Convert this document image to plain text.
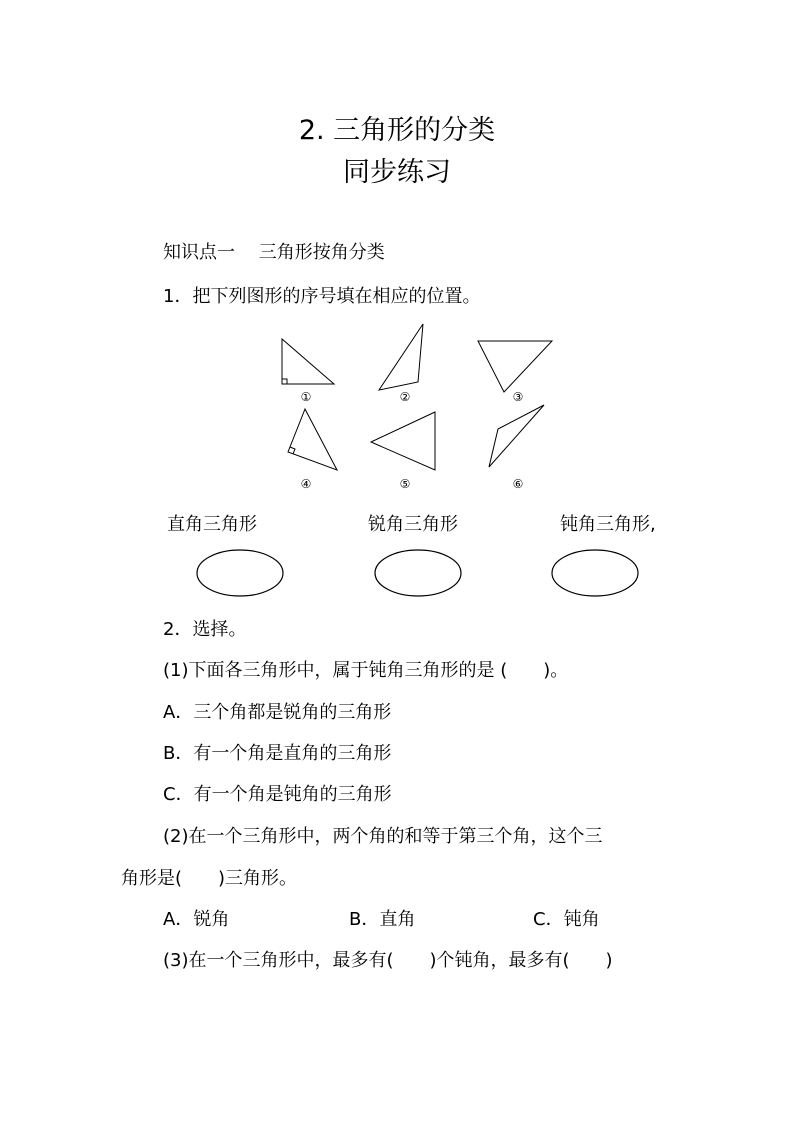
2. 三角形的分类
同步练习
知识点一　 三角形按角分类
1．把下列图形的序号填在相应的位置。
①	②	③
④	⑤	⑥
直角三角形	锐角三角形	钝角三角形,
2．选择。
(1)下面各三角形中，属于钝角三角形的是 (　　)。
A．三个角都是锐角的三角形
B．有一个角是直角的三角形
C．有一个角是钝角的三角形
(2)在一个三角形中，两个角的和等于第三个角，这个三
角形是(　　)三角形。
A．锐角	B．直角	C．钝角
(3)在一个三角形中，最多有(　　)个钝角，最多有(　　)
